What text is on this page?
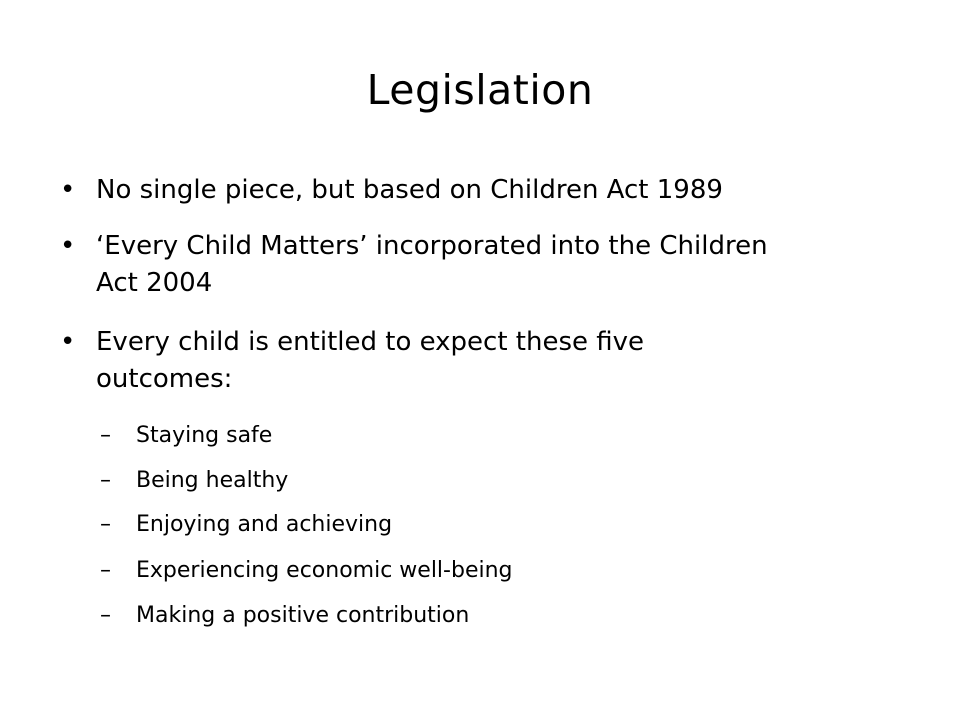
Legislation
• No single piece, but based on Children Act 1989
• ‘Every Child Matters’ incorporated into the Children Act 2004
• Every child is entitled to expect these five outcomes:
–	Staying safe
–	Being healthy
–	Enjoying and achieving
–	Experiencing economic well-being
–	Making a positive contribution
